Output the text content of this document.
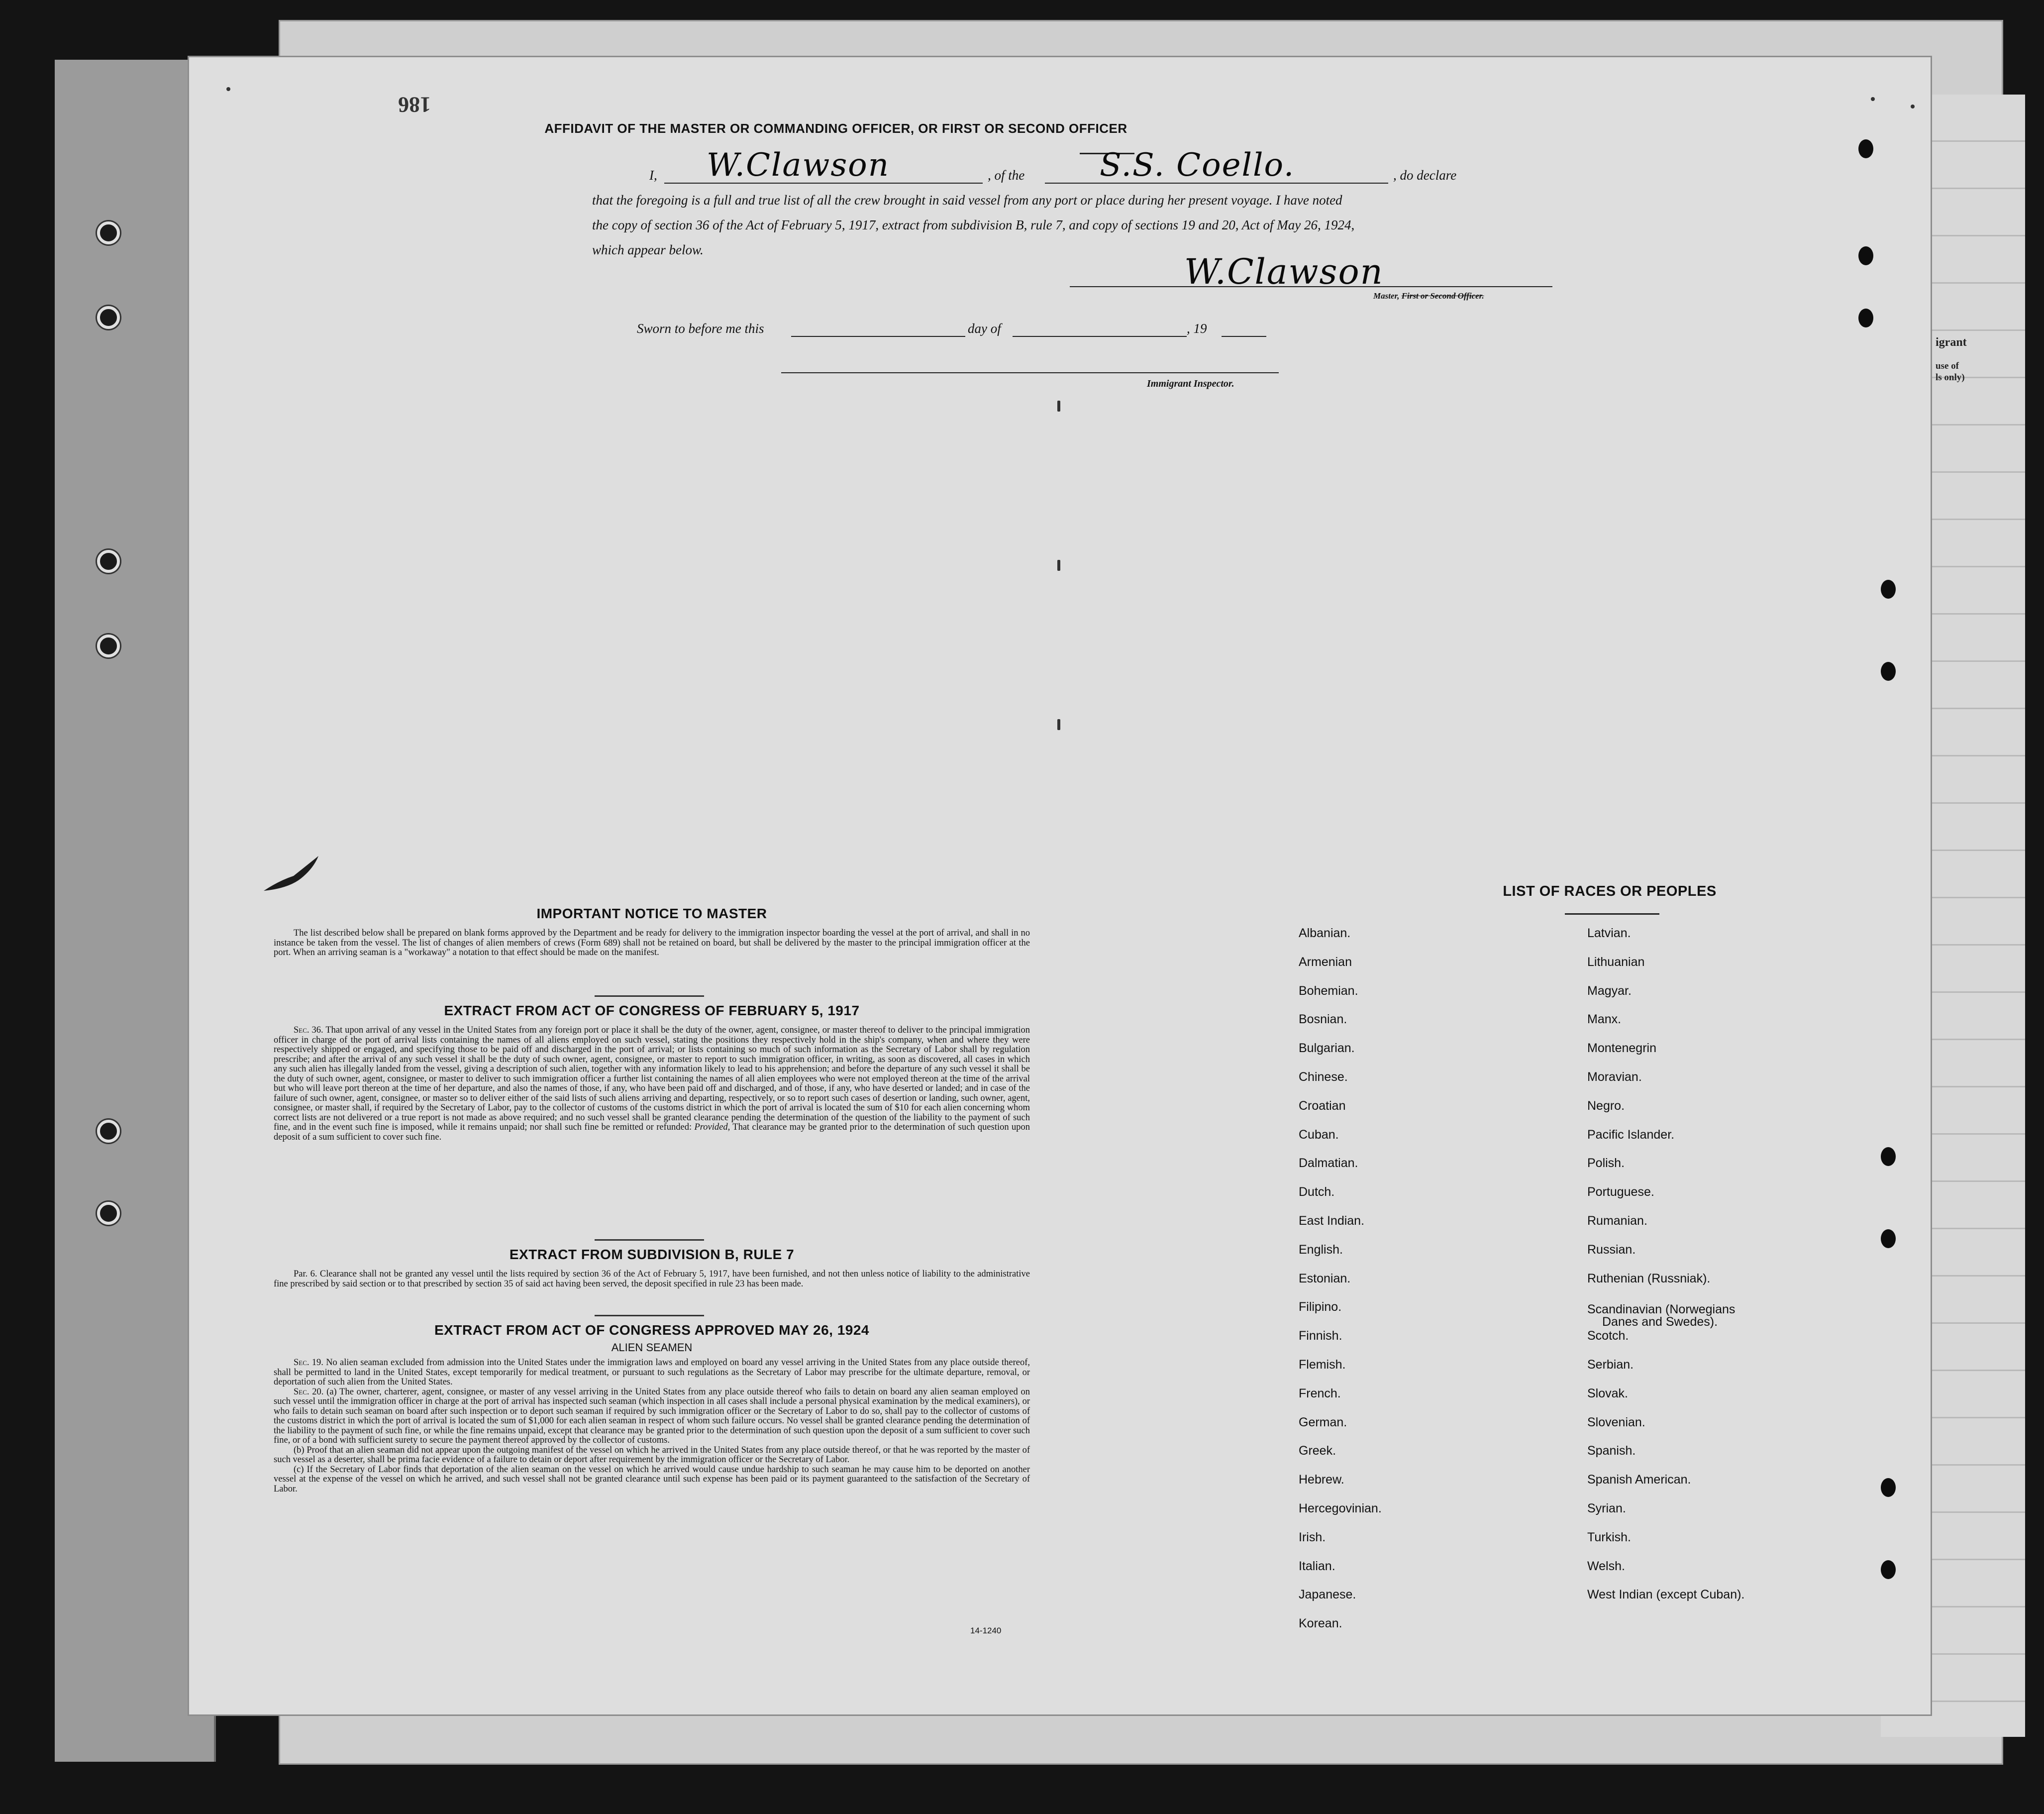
igrant
use of
ls only)
186
AFFIDAVIT OF THE MASTER OR COMMANDING OFFICER, OR FIRST OR SECOND OFFICER
I, W.Clawson	, of the S.S. Coello.	, do declare
that the foregoing is a full and true list of all the crew brought in said vessel from any port or place during her present voyage. I have noted
the copy of section 36 of the Act of February 5, 1917, extract from subdivision B, rule 7, and copy of sections 19 and 20, Act of May 26, 1924,
which appear below.
W.Clawson
Master, First or Second Officer.
Sworn to before me this	day of	, 19
Immigrant Inspector.
IMPORTANT NOTICE TO MASTER
The list described below shall be prepared on blank forms approved by the Department and be ready for delivery to the immigration inspector boarding the vessel at the port of arrival, and shall in no instance be taken from the vessel. The list of changes of alien members of crews (Form 689) shall not be retained on board, but shall be delivered by the master to the principal immigration officer at the port. When an arriving seaman is a "workaway" a notation to that effect should be made on the manifest.
EXTRACT FROM ACT OF CONGRESS OF FEBRUARY 5, 1917
Sec. 36. That upon arrival of any vessel in the United States from any foreign port or place it shall be the duty of the owner, agent, consignee, or master thereof to deliver to the principal immigration officer in charge of the port of arrival lists containing the names of all aliens employed on such vessel, stating the positions they respectively hold in the ship's company, when and where they were respectively shipped or engaged, and specifying those to be paid off and discharged in the port of arrival; or lists containing so much of such information as the Secretary of Labor shall by regulation prescribe; and after the arrival of any such vessel it shall be the duty of such owner, agent, consignee, or master to report to such immigration officer, in writing, as soon as discovered, all cases in which any such alien has illegally landed from the vessel, giving a description of such alien, together with any information likely to lead to his apprehension; and before the departure of any such vessel it shall be the duty of such owner, agent, consignee, or master to deliver to such immigration officer a further list containing the names of all alien employees who were not employed thereon at the time of the arrival but who will leave port thereon at the time of her departure, and also the names of those, if any, who have been paid off and discharged, and of those, if any, who have deserted or landed; and in case of the failure of such owner, agent, consignee, or master so to deliver either of the said lists of such aliens arriving and departing, respectively, or so to report such cases of desertion or landing, such owner, agent, consignee, or master shall, if required by the Secretary of Labor, pay to the collector of customs of the customs district in which the port of arrival is located the sum of $10 for each alien concerning whom correct lists are not delivered or a true report is not made as above required; and no such vessel shall be granted clearance pending the determination of the question of the liability to the payment of such fine, and in the event such fine is imposed, while it remains unpaid; nor shall such fine be remitted or refunded: Provided, That clearance may be granted prior to the determination of such question upon deposit of a sum sufficient to cover such fine.
EXTRACT FROM SUBDIVISION B, RULE 7
Par. 6. Clearance shall not be granted any vessel until the lists required by section 36 of the Act of February 5, 1917, have been furnished, and not then unless notice of liability to the administrative fine prescribed by said section or to that prescribed by section 35 of said act having been served, the deposit specified in rule 23 has been made.
EXTRACT FROM ACT OF CONGRESS APPROVED MAY 26, 1924
ALIEN SEAMEN
Sec. 19. No alien seaman excluded from admission into the United States under the immigration laws and employed on board any vessel arriving in the United States from any place outside thereof, shall be permitted to land in the United States, except temporarily for medical treatment, or pursuant to such regulations as the Secretary of Labor may prescribe for the ultimate departure, removal, or deportation of such alien from the United States.
Sec. 20. (a) The owner, charterer, agent, consignee, or master of any vessel arriving in the United States from any place outside thereof who fails to detain on board any alien seaman employed on such vessel until the immigration officer in charge at the port of arrival has inspected such seaman (which inspection in all cases shall include a personal physical examination by the medical examiners), or who fails to detain such seaman on board after such inspection or to deport such seaman if required by such immigration officer or the Secretary of Labor to do so, shall pay to the collector of customs of the customs district in which the port of arrival is located the sum of $1,000 for each alien seaman in respect of whom such failure occurs. No vessel shall be granted clearance pending the determination of the liability to the payment of such fine, or while the fine remains unpaid, except that clearance may be granted prior to the determination of such question upon the deposit of a sum sufficient to cover such fine, or of a bond with sufficient surety to secure the payment thereof approved by the collector of customs.
(b) Proof that an alien seaman did not appear upon the outgoing manifest of the vessel on which he arrived in the United States from any place outside thereof, or that he was reported by the master of such vessel as a deserter, shall be prima facie evidence of a failure to detain or deport after requirement by the immigration officer or the Secretary of Labor.
(c) If the Secretary of Labor finds that deportation of the alien seaman on the vessel on which he arrived would cause undue hardship to such seaman he may cause him to be deported on another vessel at the expense of the vessel on which he arrived, and such vessel shall not be granted clearance until such expense has been paid or its payment guaranteed to the satisfaction of the Secretary of Labor.
14-1240
LIST OF RACES OR PEOPLES
Albanian.
Armenian
Bohemian.
Bosnian.
Bulgarian.
Chinese.
Croatian
Cuban.
Dalmatian.
Dutch.
East Indian.
English.
Estonian.
Filipino.
Finnish.
Flemish.
French.
German.
Greek.
Hebrew.
Hercegovinian.
Irish.
Italian.
Japanese.
Korean.
Latvian.
Lithuanian
Magyar.
Manx.
Montenegrin
Moravian.
Negro.
Pacific Islander.
Polish.
Portuguese.
Rumanian.
Russian.
Ruthenian (Russniak).
Scandinavian (Norwegians
Danes and Swedes).
Scotch.
Serbian.
Slovak.
Slovenian.
Spanish.
Spanish American.
Syrian.
Turkish.
Welsh.
West Indian (except Cuban).
